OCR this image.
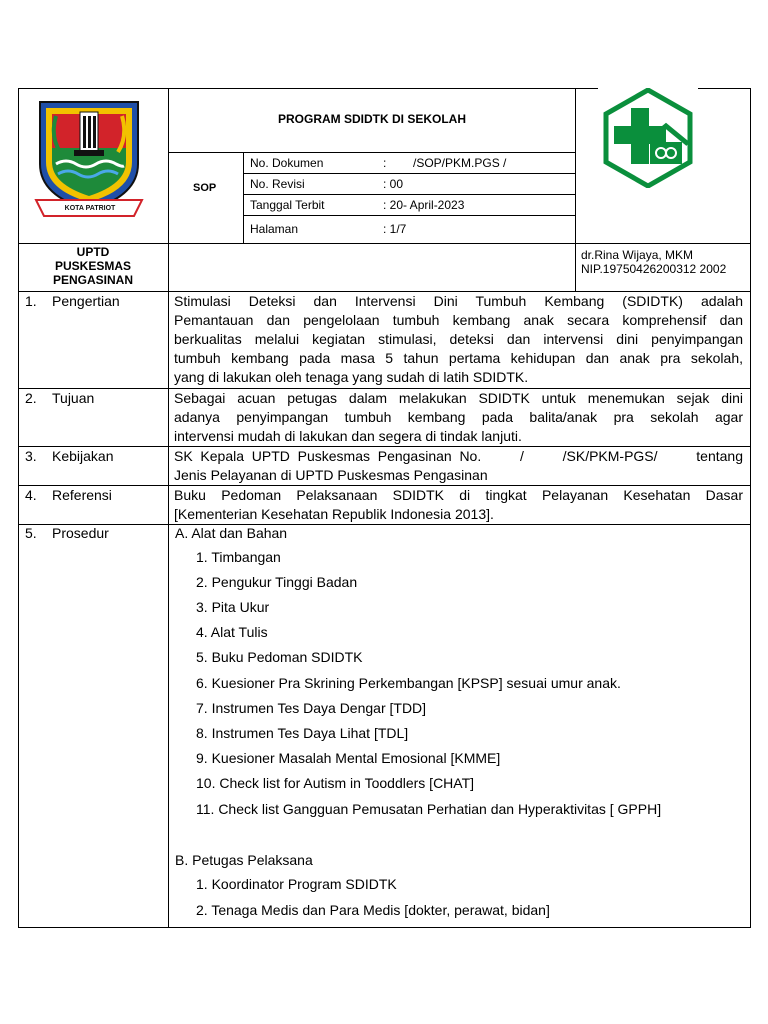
KOTA PATRIOT
PROGRAM SDIDTK DI SEKOLAH
SOP
No. Dokumen	:        /SOP/PKM.PGS /
No. Revisi	: 00
Tanggal Terbit	: 20- April-2023
Halaman	: 1/7
UPTD
PUSKESMAS
PENGASINAN
dr.Rina Wijaya, MKM
NIP.19750426200312 2002
1. Pengertian	Stimulasi Deteksi dan Intervensi Dini Tumbuh Kembang (SDIDTK) adalah
Pemantauan dan pengelolaan tumbuh kembang anak secara komprehensif dan
berkualitas melalui kegiatan stimulasi, deteksi dan intervensi dini penyimpangan
tumbuh kembang pada masa 5 tahun pertama kehidupan dan anak pra sekolah,
yang di lakukan oleh tenaga yang sudah di latih SDIDTK.
2. Tujuan	Sebagai acuan petugas dalam melakukan SDIDTK untuk menemukan sejak dini
adanya penyimpangan tumbuh kembang pada balita/anak pra sekolah agar
intervensi mudah di lakukan dan segera di tindak lanjuti.
3. Kebijakan	SK Kepala UPTD Puskesmas Pengasinan No.     /     /SK/PKM-PGS/     tentang
Jenis Pelayanan di UPTD Puskesmas Pengasinan
4. Referensi	Buku Pedoman Pelaksanaan SDIDTK di tingkat Pelayanan Kesehatan Dasar
[Kementerian Kesehatan Republik Indonesia 2013].
5. Prosedur	A. Alat dan Bahan
1. Timbangan
2. Pengukur Tinggi Badan
3. Pita Ukur
4. Alat Tulis
5. Buku Pedoman SDIDTK
6. Kuesioner Pra Skrining Perkembangan [KPSP] sesuai umur anak.
7. Instrumen Tes Daya Dengar [TDD]
8. Instrumen Tes Daya Lihat [TDL]
9. Kuesioner Masalah Mental Emosional [KMME]
10. Check list for Autism in Tooddlers [CHAT]
11. Check list Gangguan Pemusatan Perhatian dan Hyperaktivitas [ GPPH]
B. Petugas Pelaksana
1. Koordinator Program SDIDTK
2. Tenaga Medis dan Para Medis [dokter, perawat, bidan]
